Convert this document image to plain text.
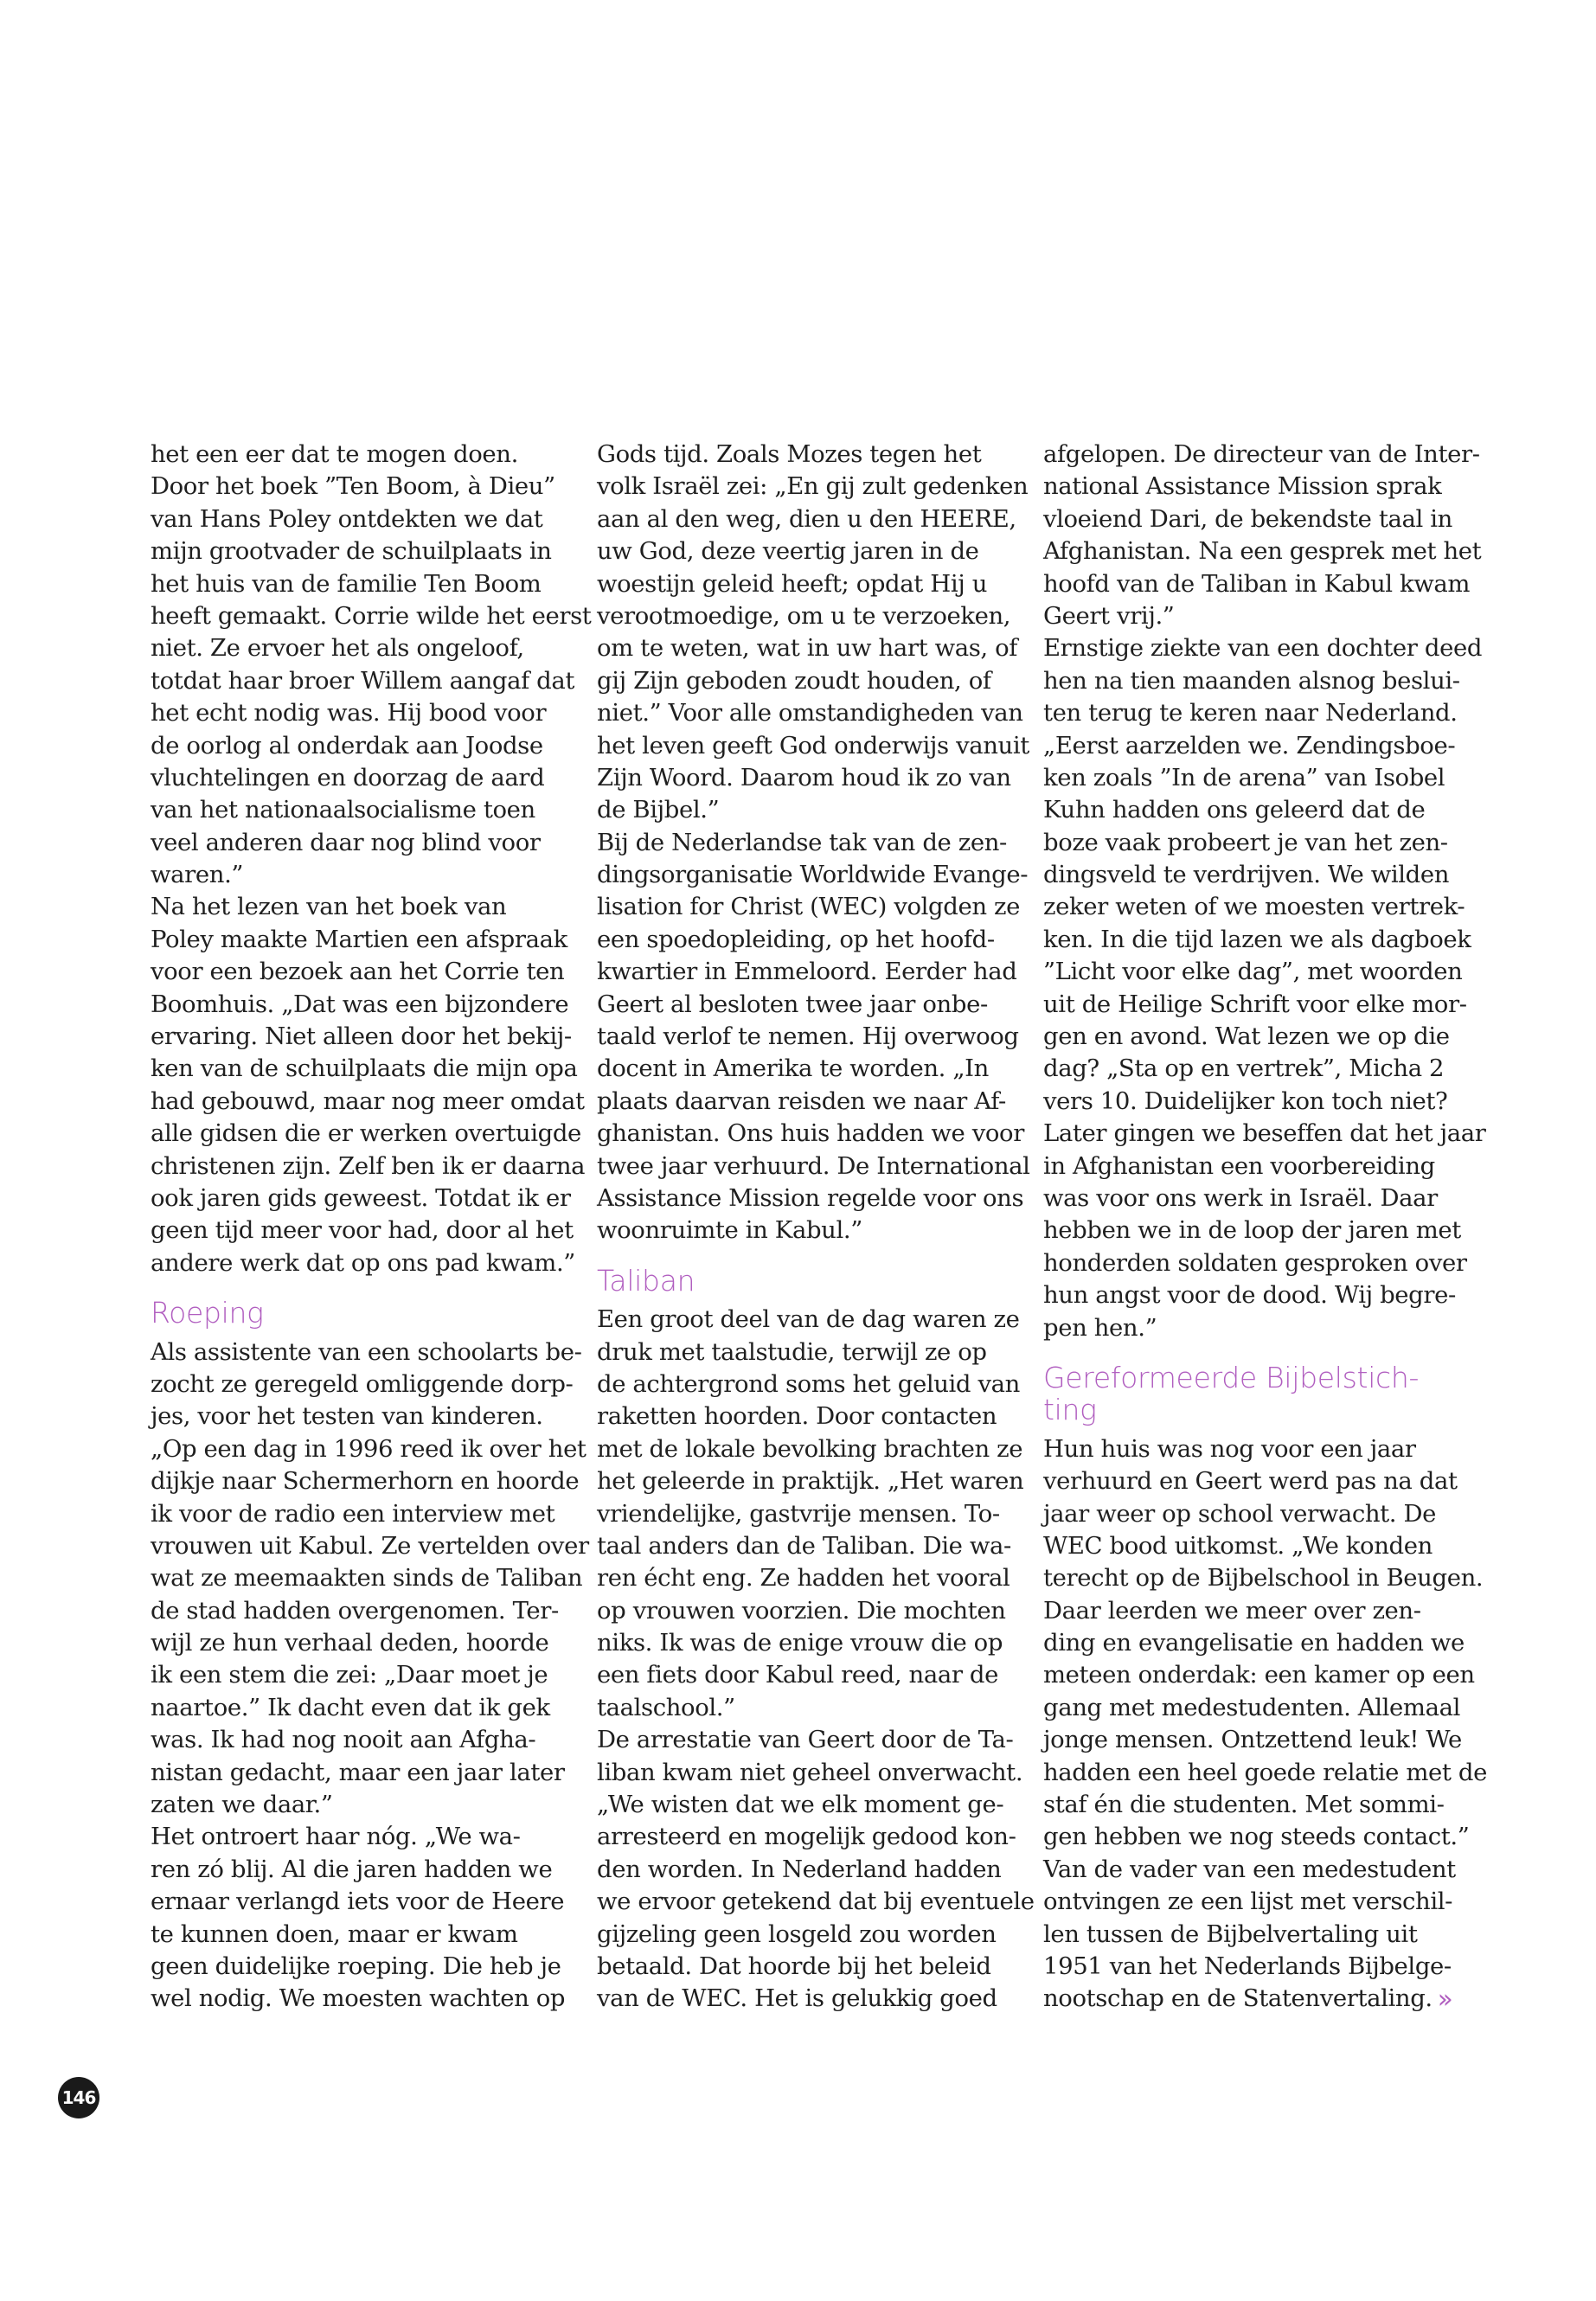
het een eer dat te mogen doen.
Door het boek ”Ten Boom, à Dieu”
van Hans Poley ontdekten we dat
mijn grootvader de schuilplaats in
het huis van de familie Ten Boom
heeft gemaakt. Corrie wilde het eerst
niet. Ze ervoer het als ongeloof,
totdat haar broer Willem aangaf dat
het echt nodig was. Hij bood voor
de oorlog al onderdak aan Joodse
vluchtelingen en doorzag de aard
van het nationaalsocialisme toen
veel anderen daar nog blind voor
waren.”
Na het lezen van het boek van
Poley maakte Martien een afspraak
voor een bezoek aan het Corrie ten
Boomhuis. „Dat was een bijzondere
ervaring. Niet alleen door het bekij-
ken van de schuilplaats die mijn opa
had gebouwd, maar nog meer omdat
alle gidsen die er werken overtuigde
christenen zijn. Zelf ben ik er daarna
ook jaren gids geweest. Totdat ik er
geen tijd meer voor had, door al het
andere werk dat op ons pad kwam.”
Roeping
Als assistente van een schoolarts be-
zocht ze geregeld omliggende dorp-
jes, voor het testen van kinderen.
„Op een dag in 1996 reed ik over het
dijkje naar Schermerhorn en hoorde
ik voor de radio een interview met
vrouwen uit Kabul. Ze vertelden over
wat ze meemaakten sinds de Taliban
de stad hadden overgenomen. Ter-
wijl ze hun verhaal deden, hoorde
ik een stem die zei: „Daar moet je
naartoe.” Ik dacht even dat ik gek
was. Ik had nog nooit aan Afgha-
nistan gedacht, maar een jaar later
zaten we daar.”
Het ontroert haar nóg. „We wa-
ren zó blij. Al die jaren hadden we
ernaar verlangd iets voor de Heere
te kunnen doen, maar er kwam
geen duidelijke roeping. Die heb je
wel nodig. We moesten wachten op
Gods tijd. Zoals Mozes tegen het
volk Israël zei: „En gij zult gedenken
aan al den weg, dien u den HEERE,
uw God, deze veertig jaren in de
woestijn geleid heeft; opdat Hij u
verootmoedige, om u te verzoeken,
om te weten, wat in uw hart was, of
gij Zijn geboden zoudt houden, of
niet.” Voor alle omstandigheden van
het leven geeft God onderwijs vanuit
Zijn Woord. Daarom houd ik zo van
de Bijbel.”
Bij de Nederlandse tak van de zen-
dingsorganisatie Worldwide Evange-
lisation for Christ (WEC) volgden ze
een spoedopleiding, op het hoofd-
kwartier in Emmeloord. Eerder had
Geert al besloten twee jaar onbe-
taald verlof te nemen. Hij overwoog
docent in Amerika te worden. „In
plaats daarvan reisden we naar Af-
ghanistan. Ons huis hadden we voor
twee jaar verhuurd. De International
Assistance Mission regelde voor ons
woonruimte in Kabul.”
Taliban
Een groot deel van de dag waren ze
druk met taalstudie, terwijl ze op
de achtergrond soms het geluid van
raketten hoorden. Door contacten
met de lokale bevolking brachten ze
het geleerde in praktijk. „Het waren
vriendelijke, gastvrije mensen. To-
taal anders dan de Taliban. Die wa-
ren écht eng. Ze hadden het vooral
op vrouwen voorzien. Die mochten
niks. Ik was de enige vrouw die op
een fiets door Kabul reed, naar de
taalschool.”
De arrestatie van Geert door de Ta-
liban kwam niet geheel onverwacht.
„We wisten dat we elk moment ge-
arresteerd en mogelijk gedood kon-
den worden. In Nederland hadden
we ervoor getekend dat bij eventuele
gijzeling geen losgeld zou worden
betaald. Dat hoorde bij het beleid
van de WEC. Het is gelukkig goed
afgelopen. De directeur van de Inter-
national Assistance Mission sprak
vloeiend Dari, de bekendste taal in
Afghanistan. Na een gesprek met het
hoofd van de Taliban in Kabul kwam
Geert vrij.”
Ernstige ziekte van een dochter deed
hen na tien maanden alsnog beslui-
ten terug te keren naar Nederland.
„Eerst aarzelden we. Zendingsboe-
ken zoals ”In de arena” van Isobel
Kuhn hadden ons geleerd dat de
boze vaak probeert je van het zen-
dingsveld te verdrijven. We wilden
zeker weten of we moesten vertrek-
ken. In die tijd lazen we als dagboek
”Licht voor elke dag”, met woorden
uit de Heilige Schrift voor elke mor-
gen en avond. Wat lezen we op die
dag? „Sta op en vertrek”, Micha 2
vers 10. Duidelijker kon toch niet?
Later gingen we beseffen dat het jaar
in Afghanistan een voorbereiding
was voor ons werk in Israël. Daar
hebben we in de loop der jaren met
honderden soldaten gesproken over
hun angst voor de dood. Wij begre-
pen hen.”
Gereformeerde Bijbelstich-
ting
Hun huis was nog voor een jaar
verhuurd en Geert werd pas na dat
jaar weer op school verwacht. De
WEC bood uitkomst. „We konden
terecht op de Bijbelschool in Beugen.
Daar leerden we meer over zen-
ding en evangelisatie en hadden we
meteen onderdak: een kamer op een
gang met medestudenten. Allemaal
jonge mensen. Ontzettend leuk! We
hadden een heel goede relatie met de
staf én die studenten. Met sommi-
gen hebben we nog steeds contact.”
Van de vader van een medestudent
ontvingen ze een lijst met verschil-
len tussen de Bijbelvertaling uit
1951 van het Nederlands Bijbelge-
nootschap en de Statenvertaling. ››
146
